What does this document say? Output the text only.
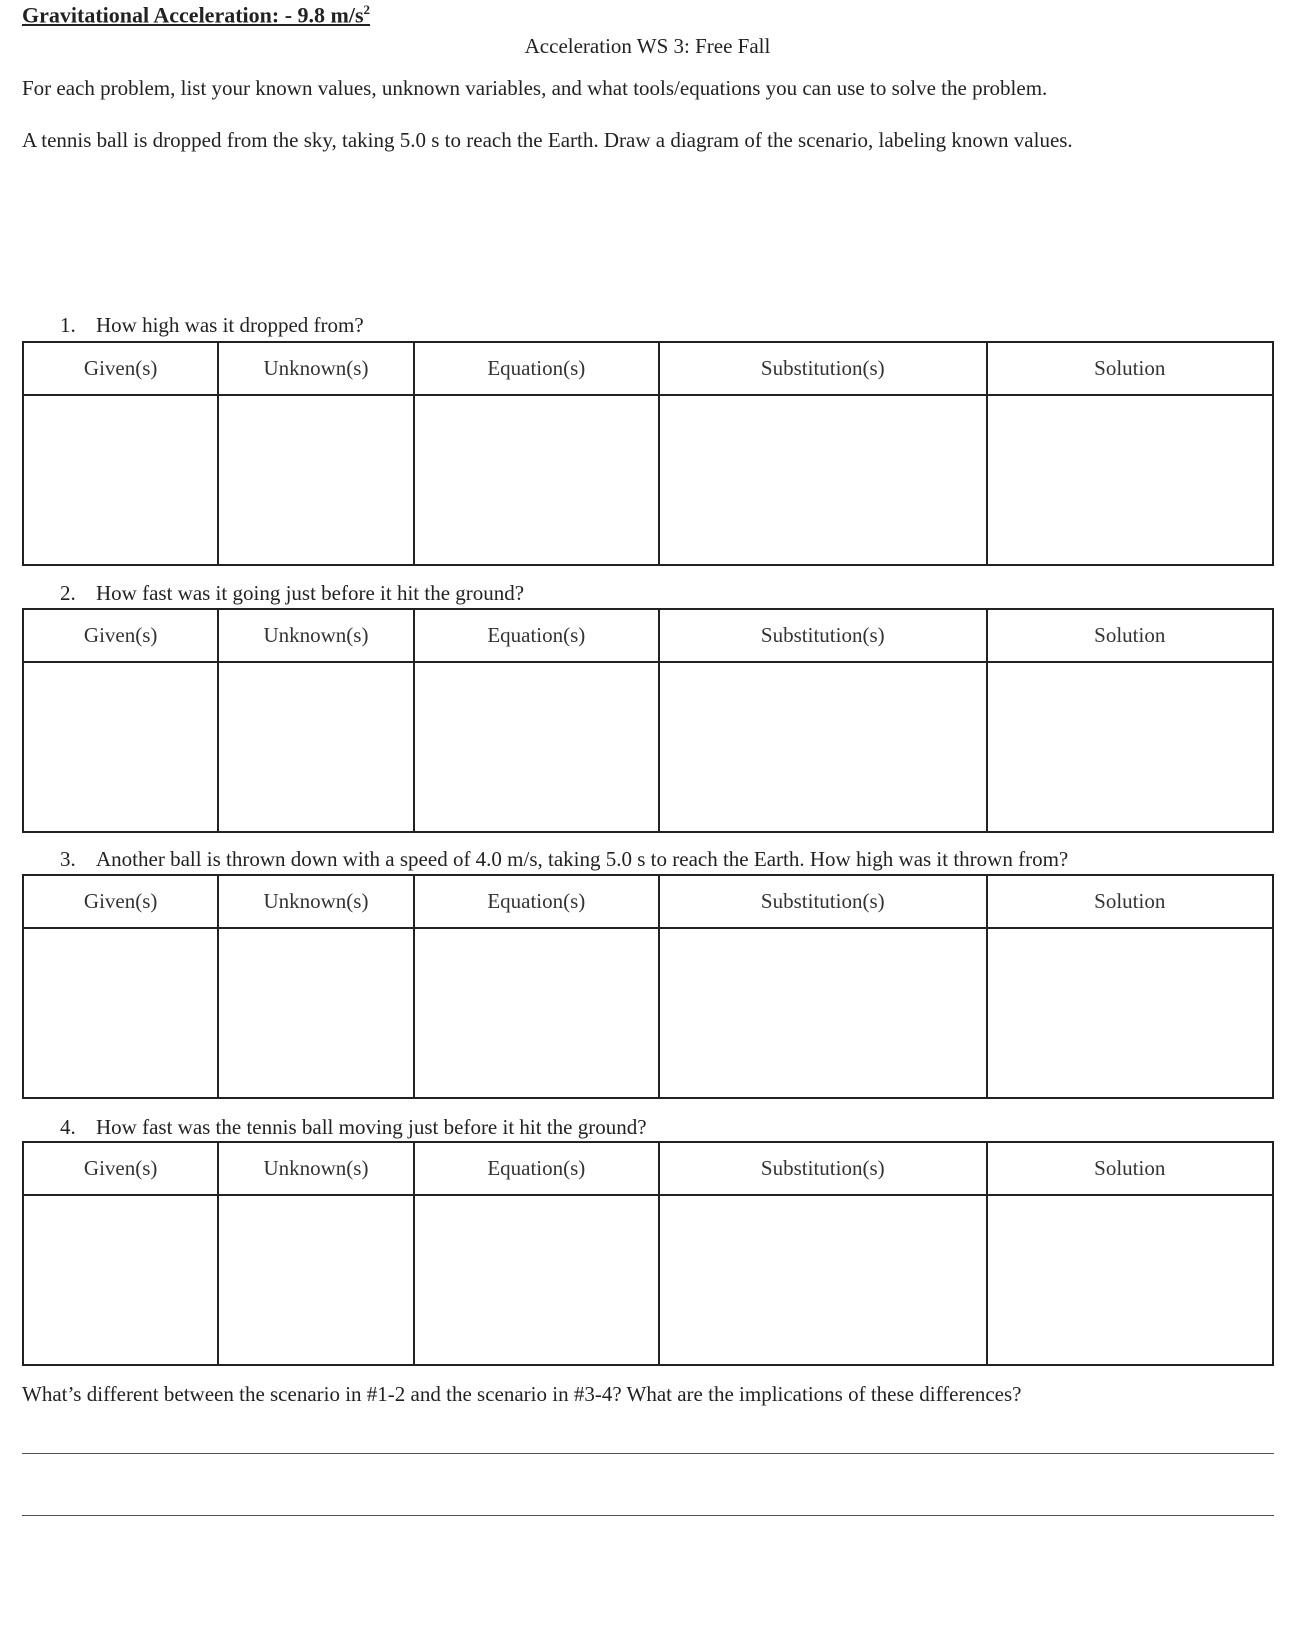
Gravitational Acceleration: - 9.8 $m/s^2$
Acceleration WS 3: Free Fall
For each problem, list your known values, unknown variables, and what tools/equations you can use to solve the problem.
A tennis ball is dropped from the sky, taking 5.0 s to reach the Earth. Draw a diagram of the scenario, labeling known values.
1. How high was it dropped from?
Given(s)	Unknown(s)	Equation(s)	Substitution(s)	Solution

2. How fast was it going just before it hit the ground?
Given(s)	Unknown(s)	Equation(s)	Substitution(s)	Solution

3. Another ball is thrown down with a speed of 4.0 m/s, taking 5.0 s to reach the Earth. How high was it thrown from?
Given(s)	Unknown(s)	Equation(s)	Substitution(s)	Solution

4. How fast was the tennis ball moving just before it hit the ground?
Given(s)	Unknown(s)	Equation(s)	Substitution(s)	Solution

What’s different between the scenario in #1-2 and the scenario in #3-4? What are the implications of these differences?
